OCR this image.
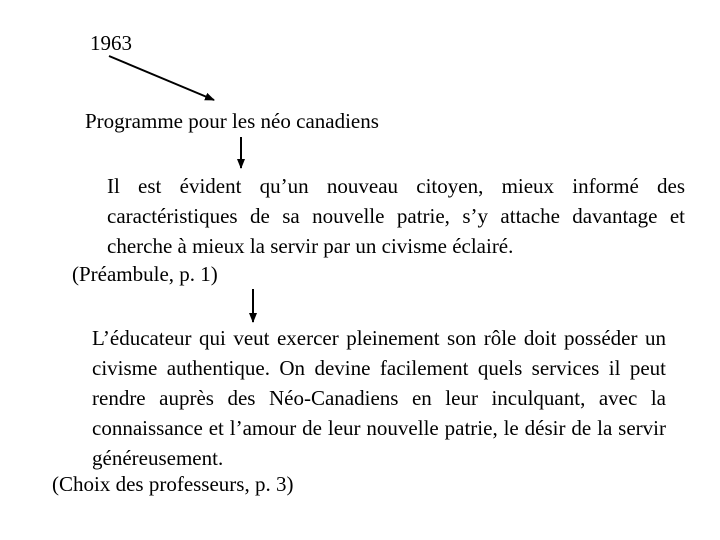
1963
Programme pour les néo canadiens
Il est évident qu’un nouveau citoyen, mieux informé des caractéristiques de sa nouvelle patrie, s’y attache davantage et cherche à mieux la servir par un civisme éclairé.
(Préambule, p. 1)
L’éducateur qui veut exercer pleinement son rôle doit posséder un civisme authentique. On devine facilement quels services il peut rendre auprès des Néo-Canadiens en leur inculquant, avec la connaissance et l’amour de leur nouvelle patrie, le désir de la servir généreusement.
(Choix des professeurs, p. 3)
